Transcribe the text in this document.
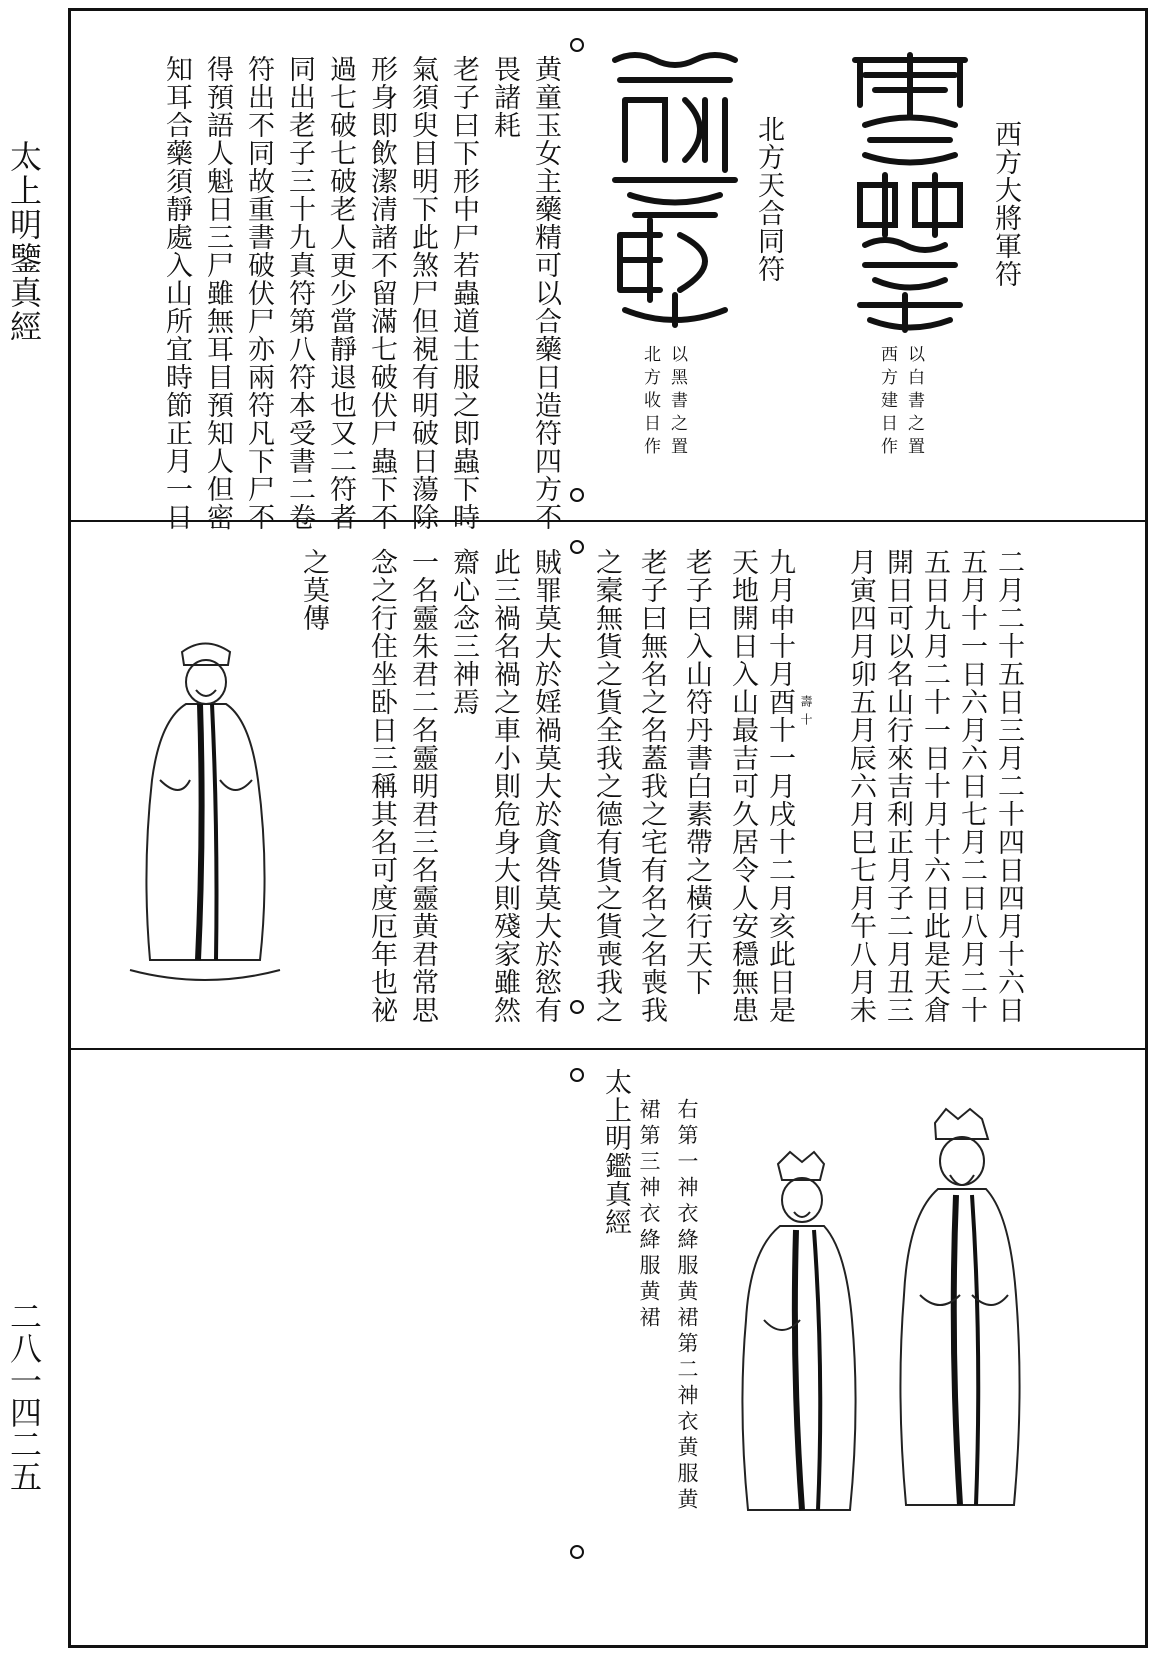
太上明鑒真經
二八一四二五
西方大將軍符
以白書之置
西方建日作
北方天合同符
以黑書之置
北方收日作
黄童玉女主藥精可以合藥日造符四方不
畏諸耗
老子曰下形中尸若蟲道士服之即蟲下時
氣須臾目明下此煞尸但視有明破日蕩除
形身即飲潔清諸不留滿七破伏尸蟲下不
過七破七破老人更少當靜退也又二符者
同出老子三十九真符第八符本受書二卷
符出不同故重書破伏尸亦兩符凡下尸不
得預語人魁日三尸雖無耳目預知人但密
知耳合藥須靜處入山所宜時節正月一日
二月二十五日三月二十四日四月十六日
五月十一日六月六日七月二日八月二十
五日九月二十一日十月十六日此是天倉
開日可以名山行來吉利正月子二月丑三
月寅四月卯五月辰六月巳七月午八月未
九月申十月酉十一月戌十二月亥此日是 壽十
天地開日入山最吉可久居令人安穩無患
老子曰入山符丹書白素帶之橫行天下
老子曰無名之名蓋我之宅有名之名喪我
之槖無貨之貨全我之德有貨之貨喪我之
賊罪莫大於婬禍莫大於貪咎莫大於慾有
此三禍名禍之車小則危身大則殘家雖然
齋心念三神焉
一名靈朱君二名靈明君三名靈黄君常思
念之行住坐卧日三稱其名可度厄年也祕
之莫傳
太上明鑑真經 右第一神衣絳服黄裙第二神衣黄服黄
裙第三神衣絳服黄裙
